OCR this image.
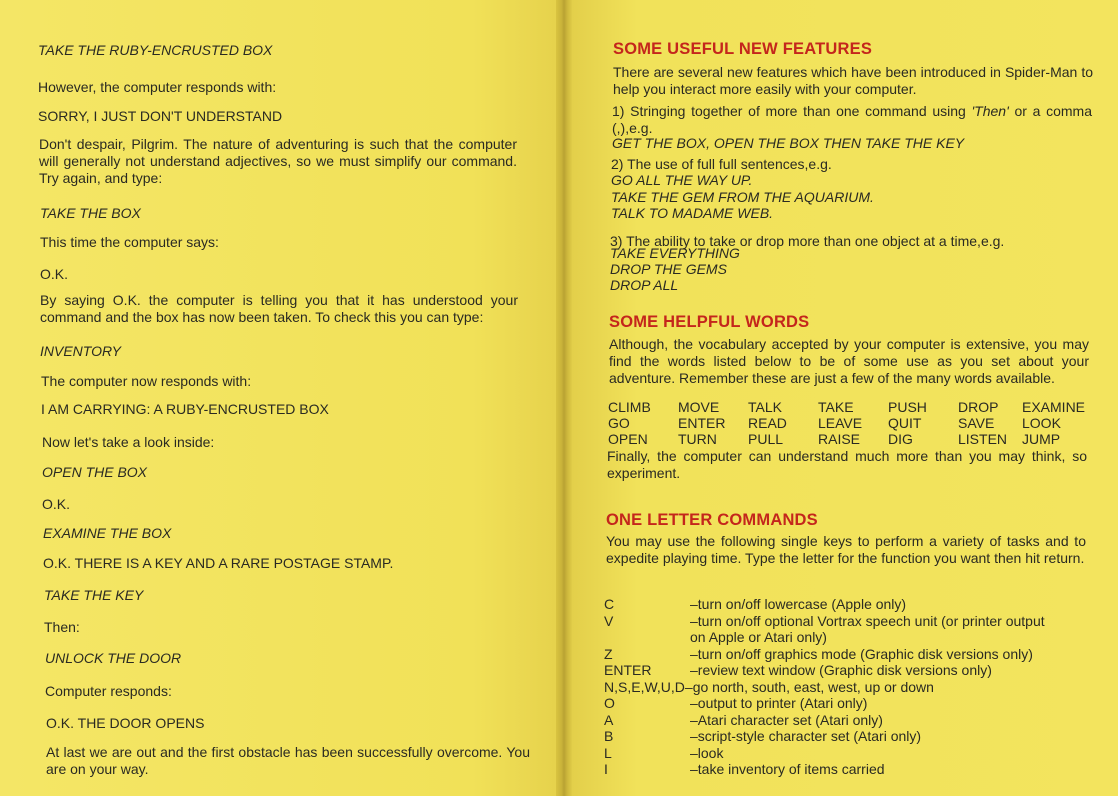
TAKE THE RUBY-ENCRUSTED BOX

However, the computer responds with:

SORRY, I JUST DON'T UNDERSTAND

Don't despair, Pilgrim. The nature of adventuring is such that the computer will generally not understand adjectives, so we must simplify our command. Try again, and type:

TAKE THE BOX

This time the computer says:

O.K.

By saying O.K. the computer is telling you that it has understood your command and the box has now been taken. To check this you can type:

INVENTORY

The computer now responds with:

I AM CARRYING: A RUBY-ENCRUSTED BOX

Now let's take a look inside:

OPEN THE BOX

O.K.

EXAMINE THE BOX

O.K. THERE IS A KEY AND A RARE POSTAGE STAMP.

TAKE THE KEY

Then:

UNLOCK THE DOOR

Computer responds:

O.K. THE DOOR OPENS

At last we are out and the first obstacle has been successfully overcome. You are on your way.

SOME USEFUL NEW FEATURES

There are several new features which have been introduced in Spider-Man to help you interact more easily with your computer.

1) Stringing together of more than one command using 'Then' or a comma (,),e.g.

GET THE BOX, OPEN THE BOX THEN TAKE THE KEY

2) The use of full full sentences,e.g.

GO ALL THE WAY UP.

TAKE THE GEM FROM THE AQUARIUM.

TALK TO MADAME WEB.

3) The ability to take or drop more than one object at a time,e.g.

TAKE EVERYTHING

DROP THE GEMS

DROP ALL

SOME HELPFUL WORDS

Although, the vocabulary accepted by your computer is extensive, you may find the words listed below to be of some use as you set about your adventure. Remember these are just a few of the many words available.

CLIMB	MOVE	TALK	TAKE	PUSH	DROP	EXAMINE
GO	ENTER	READ	LEAVE	QUIT	SAVE	LOOK
OPEN	TURN	PULL	RAISE	DIG	LISTEN	JUMP

Finally, the computer can understand much more than you may think, so experiment.

ONE LETTER COMMANDS

You may use the following single keys to perform a variety of tasks and to expedite playing time. Type the letter for the function you want then hit return.

C	–turn on/off lowercase (Apple only)
V	–turn on/off optional Vortrax speech unit (or printer output
on Apple or Atari only)
Z	–turn on/off graphics mode (Graphic disk versions only)
ENTER	–review text window (Graphic disk versions only)
N,S,E,W,U,D –go north, south, east, west, up or down
O	–output to printer (Atari only)
A	–Atari character set (Atari only)
B	–script-style character set (Atari only)
L	–look
I	–take inventory of items carried
